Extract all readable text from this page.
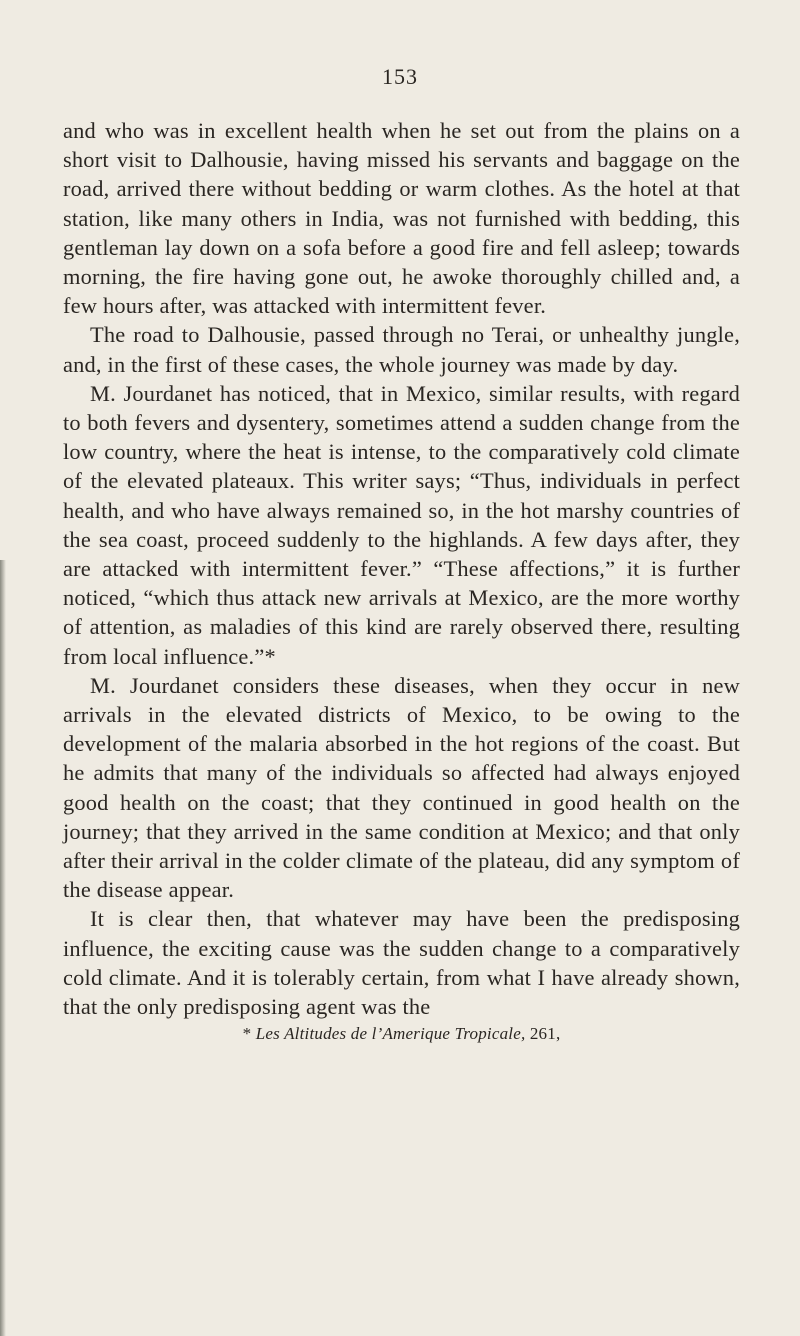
153

and who was in excellent health when he set out from the plains on a short visit to Dalhousie, having missed his servants and baggage on the road, arrived there without bedding or warm clothes. As the hotel at that station, like many others in India, was not furnished with bedding, this gentleman lay down on a sofa before a good fire and fell asleep; towards morning, the fire having gone out, he awoke thoroughly chilled and, a few hours after, was attacked with intermittent fever.

The road to Dalhousie, passed through no Terai, or unhealthy jungle, and, in the first of these cases, the whole journey was made by day.

M. Jourdanet has noticed, that in Mexico, similar results, with regard to both fevers and dysentery, sometimes attend a sudden change from the low country, where the heat is intense, to the comparatively cold climate of the elevated plateaux. This writer says; “Thus, individuals in perfect health, and who have always remained so, in the hot marshy countries of the sea coast, proceed suddenly to the highlands. A few days after, they are attacked with intermittent fever.” “These affections,” it is further noticed, “which thus attack new arrivals at Mexico, are the more worthy of attention, as maladies of this kind are rarely observed there, resulting from local influence.”*

M. Jourdanet considers these diseases, when they occur in new arrivals in the elevated districts of Mexico, to be owing to the development of the malaria absorbed in the hot regions of the coast. But he admits that many of the individuals so affected had always enjoyed good health on the coast; that they continued in good health on the journey; that they arrived in the same condition at Mexico; and that only after their arrival in the colder climate of the plateau, did any symptom of the disease appear.

It is clear then, that whatever may have been the predisposing influence, the exciting cause was the sudden change to a comparatively cold climate. And it is tolerably certain, from what I have already shown, that the only predisposing agent was the

* Les Altitudes de l’Amerique Tropicale, 261,
